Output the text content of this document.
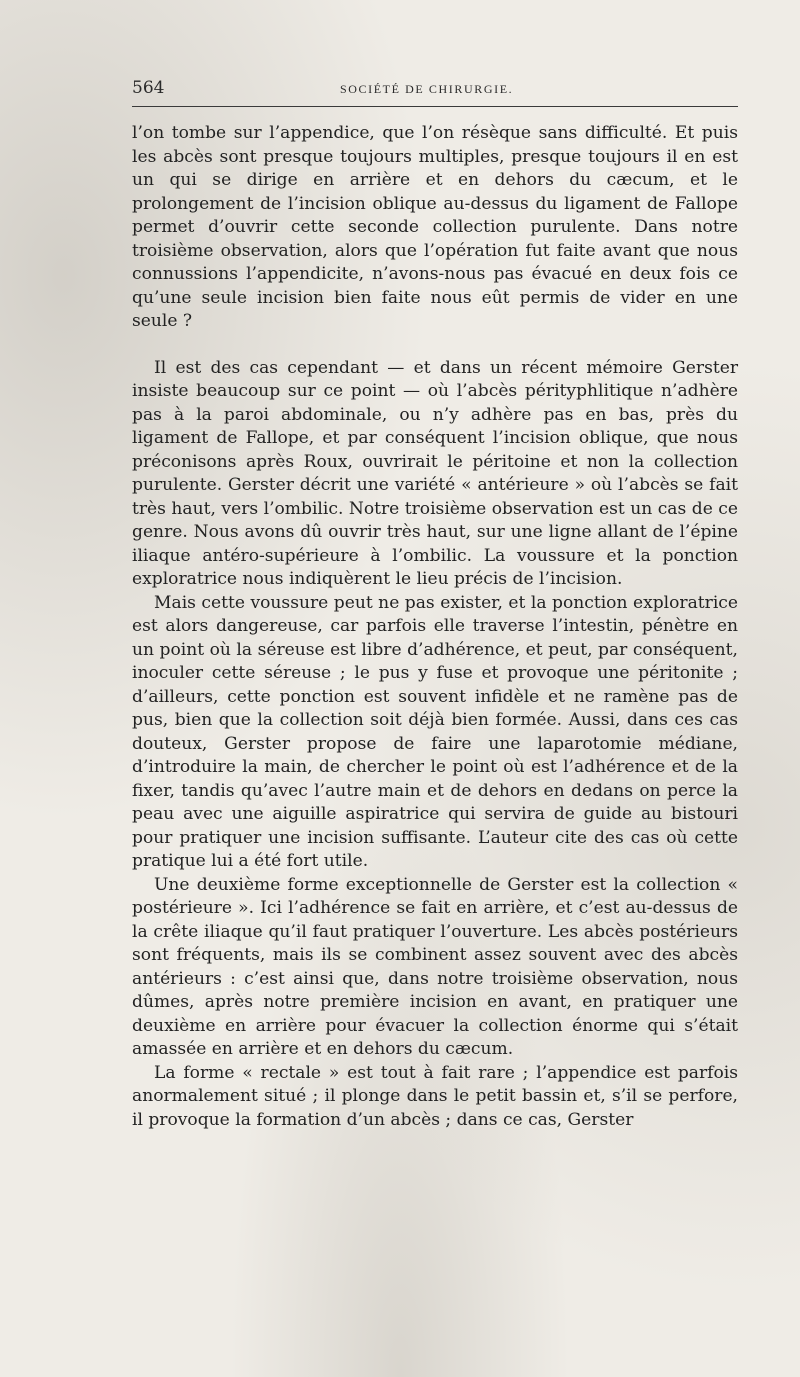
564	SOCIÉTÉ DE CHIRURGIE.

l’on tombe sur l’appendice, que l’on résèque sans difficulté. Et puis les abcès sont presque toujours multiples, presque toujours il en est un qui se dirige en arrière et en dehors du cæcum, et le prolongement de l’incision oblique au-dessus du ligament de Fallope permet d’ouvrir cette seconde collection purulente. Dans notre troisième observation, alors que l’opération fut faite avant que nous connussions l’appendicite, n’avons-nous pas évacué en deux fois ce qu’une seule incision bien faite nous eût permis de vider en une seule ?

Il est des cas cependant — et dans un récent mémoire Gerster insiste beaucoup sur ce point — où l’abcès pérityphlitique n’adhère pas à la paroi abdominale, ou n’y adhère pas en bas, près du ligament de Fallope, et par conséquent l’incision oblique, que nous préconisons après Roux, ouvrirait le péritoine et non la collection purulente. Gerster décrit une variété « antérieure » où l’abcès se fait très haut, vers l’ombilic. Notre troisième observation est un cas de ce genre. Nous avons dû ouvrir très haut, sur une ligne allant de l’épine iliaque antéro-supérieure à l’ombilic. La voussure et la ponction exploratrice nous indiquèrent le lieu précis de l’incision.

Mais cette voussure peut ne pas exister, et la ponction exploratrice est alors dangereuse, car parfois elle traverse l’intestin, pénètre en un point où la séreuse est libre d’adhérence, et peut, par conséquent, inoculer cette séreuse ; le pus y fuse et provoque une péritonite ; d’ailleurs, cette ponction est souvent infidèle et ne ramène pas de pus, bien que la collection soit déjà bien formée. Aussi, dans ces cas douteux, Gerster propose de faire une laparotomie médiane, d’introduire la main, de chercher le point où est l’adhérence et de la fixer, tandis qu’avec l’autre main et de dehors en dedans on perce la peau avec une aiguille aspiratrice qui servira de guide au bistouri pour pratiquer une incision suffisante. L’auteur cite des cas où cette pratique lui a été fort utile.

Une deuxième forme exceptionnelle de Gerster est la collection « postérieure ». Ici l’adhérence se fait en arrière, et c’est au-dessus de la crête iliaque qu’il faut pratiquer l’ouverture. Les abcès postérieurs sont fréquents, mais ils se combinent assez souvent avec des abcès antérieurs : c’est ainsi que, dans notre troisième observation, nous dûmes, après notre première incision en avant, en pratiquer une deuxième en arrière pour évacuer la collection énorme qui s’était amassée en arrière et en dehors du cæcum.

La forme « rectale » est tout à fait rare ; l’appendice est parfois anormalement situé ; il plonge dans le petit bassin et, s’il se perfore, il provoque la formation d’un abcès ; dans ce cas, Gerster
